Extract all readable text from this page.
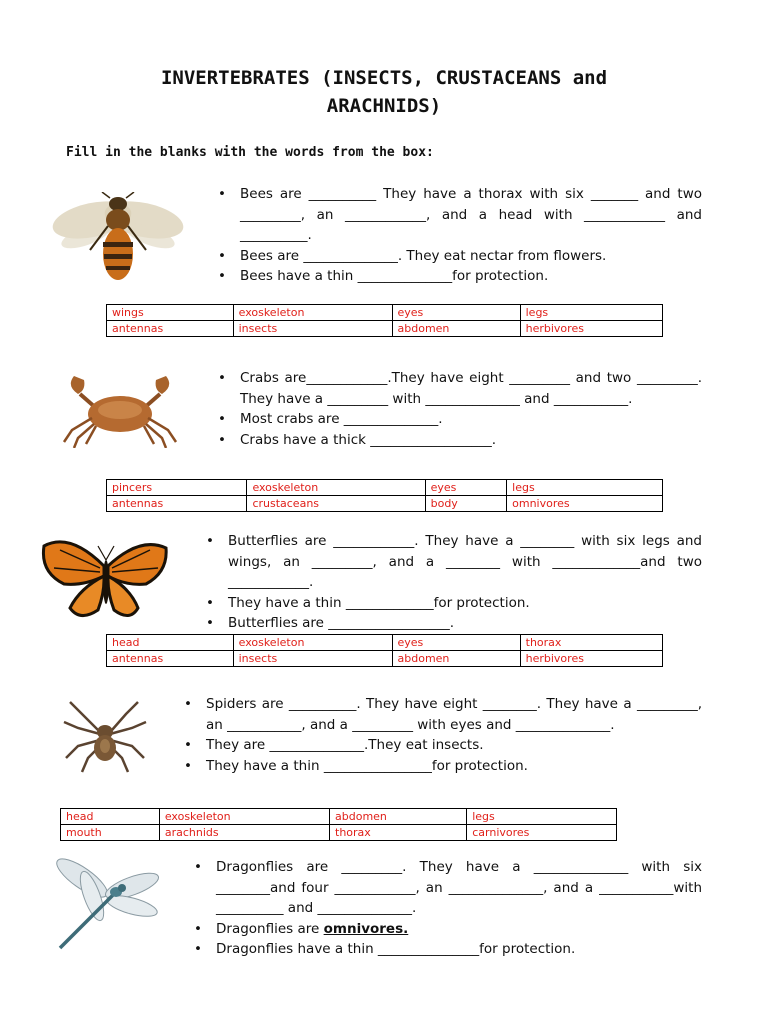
INVERTEBRATES (INSECTS, CRUSTACEANS and
ARACHNIDS)
Fill in the blanks with the words from the box:
• Bees are __________ They have a thorax with six _______ and two _________, an ____________, and a head with ____________ and __________.
• Bees are ______________. They eat nectar from flowers.
• Bees have a thin ______________for protection.
wings	exoskeleton	eyes	legs
antennas	insects	abdomen	herbivores
• Crabs are____________.They have eight _________ and two _________. They have a _________ with ______________ and ___________.
• Most crabs are ______________.
• Crabs have a thick __________________.
pincers	exoskeleton	eyes	legs
antennas	crustaceans	body	omnivores
• Butterflies are ____________. They have a ________ with six legs and wings, an _________, and a ________ with _____________and two ____________.
• They have a thin _____________for protection.
• Butterflies are __________________.
head	exoskeleton	eyes	thorax
antennas	insects	abdomen	herbivores
• Spiders are __________. They have eight ________. They have a _________, an ___________, and a _________ with eyes and ______________.
• They are ______________.They eat insects.
• They have a thin ________________for protection.
head	exoskeleton	abdomen	legs
mouth	arachnids	thorax	carnivores
• Dragonflies are _________. They have a ______________ with six ________and four ____________, an ______________, and a ___________with __________ and ______________.
• Dragonflies are omnivores.
• Dragonflies have a thin _______________for protection.
